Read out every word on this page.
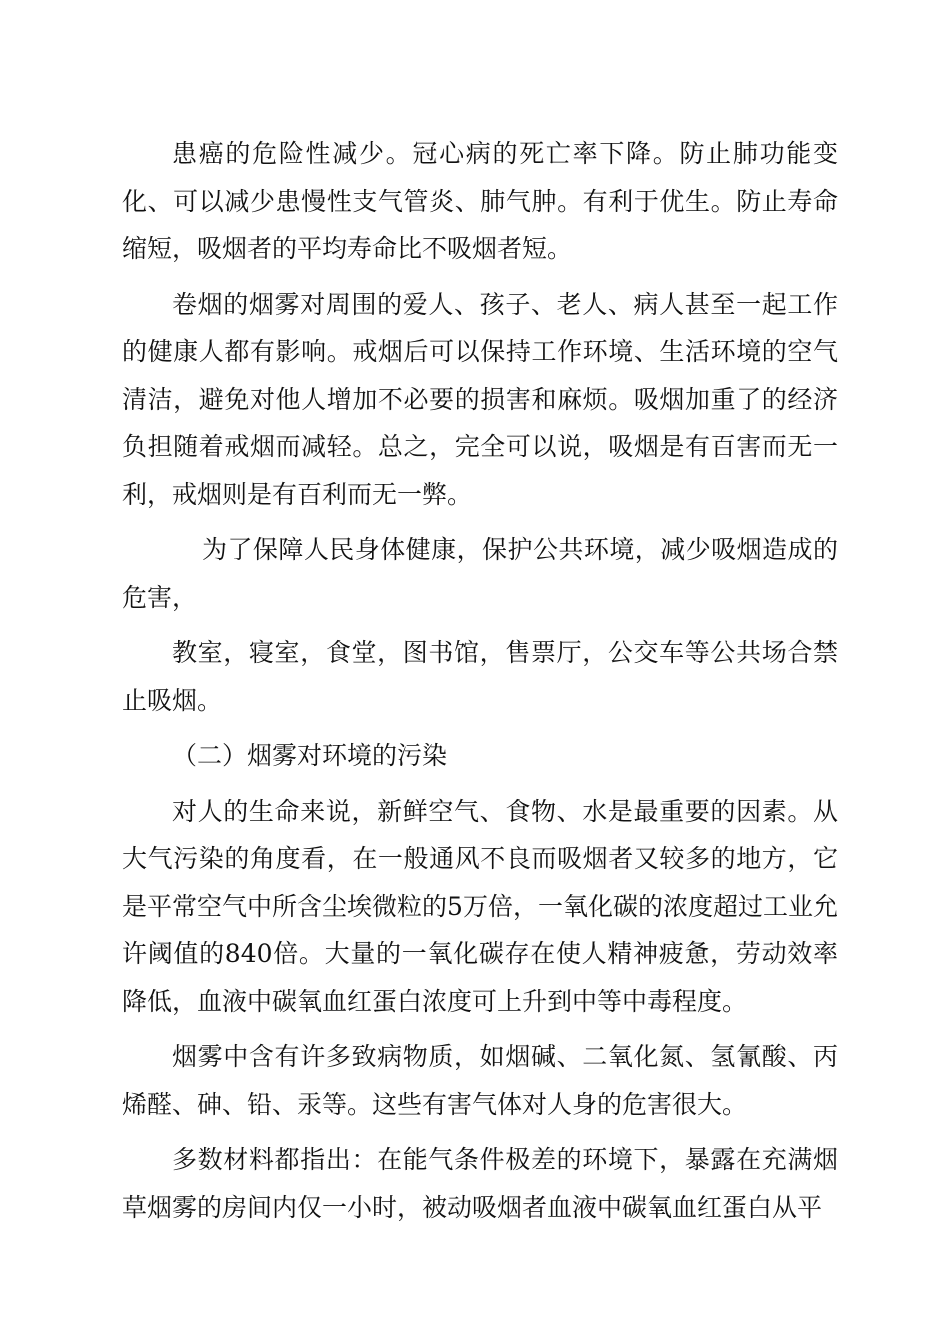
患癌的危险性减少。冠心病的死亡率下降。防止肺功能变化、可以减少患慢性支气管炎、肺气肿。有利于优生。防止寿命缩短，吸烟者的平均寿命比不吸烟者短。

卷烟的烟雾对周围的爱人、孩子、老人、病人甚至一起工作的健康人都有影响。戒烟后可以保持工作环境、生活环境的空气清洁，避免对他人增加不必要的损害和麻烦。吸烟加重了的经济负担随着戒烟而减轻。总之，完全可以说，吸烟是有百害而无一利，戒烟则是有百利而无一弊。

为了保障人民身体健康，保护公共环境，减少吸烟造成的危害，

教室，寝室，食堂，图书馆，售票厅，公交车等公共场合禁止吸烟。

（二）烟雾对环境的污染

对人的生命来说，新鲜空气、食物、水是最重要的因素。从大气污染的角度看，在一般通风不良而吸烟者又较多的地方，它是平常空气中所含尘埃微粒的5万倍，一氧化碳的浓度超过工业允许阈值的840倍。大量的一氧化碳存在使人精神疲惫，劳动效率降低，血液中碳氧血红蛋白浓度可上升到中等中毒程度。

烟雾中含有许多致病物质，如烟碱、二氧化氮、氢氰酸、丙烯醛、砷、铅、汞等。这些有害气体对人身的危害很大。

多数材料都指出：在能气条件极差的环境下，暴露在充满烟草烟雾的房间内仅一小时，被动吸烟者血液中碳氧血红蛋白从平
